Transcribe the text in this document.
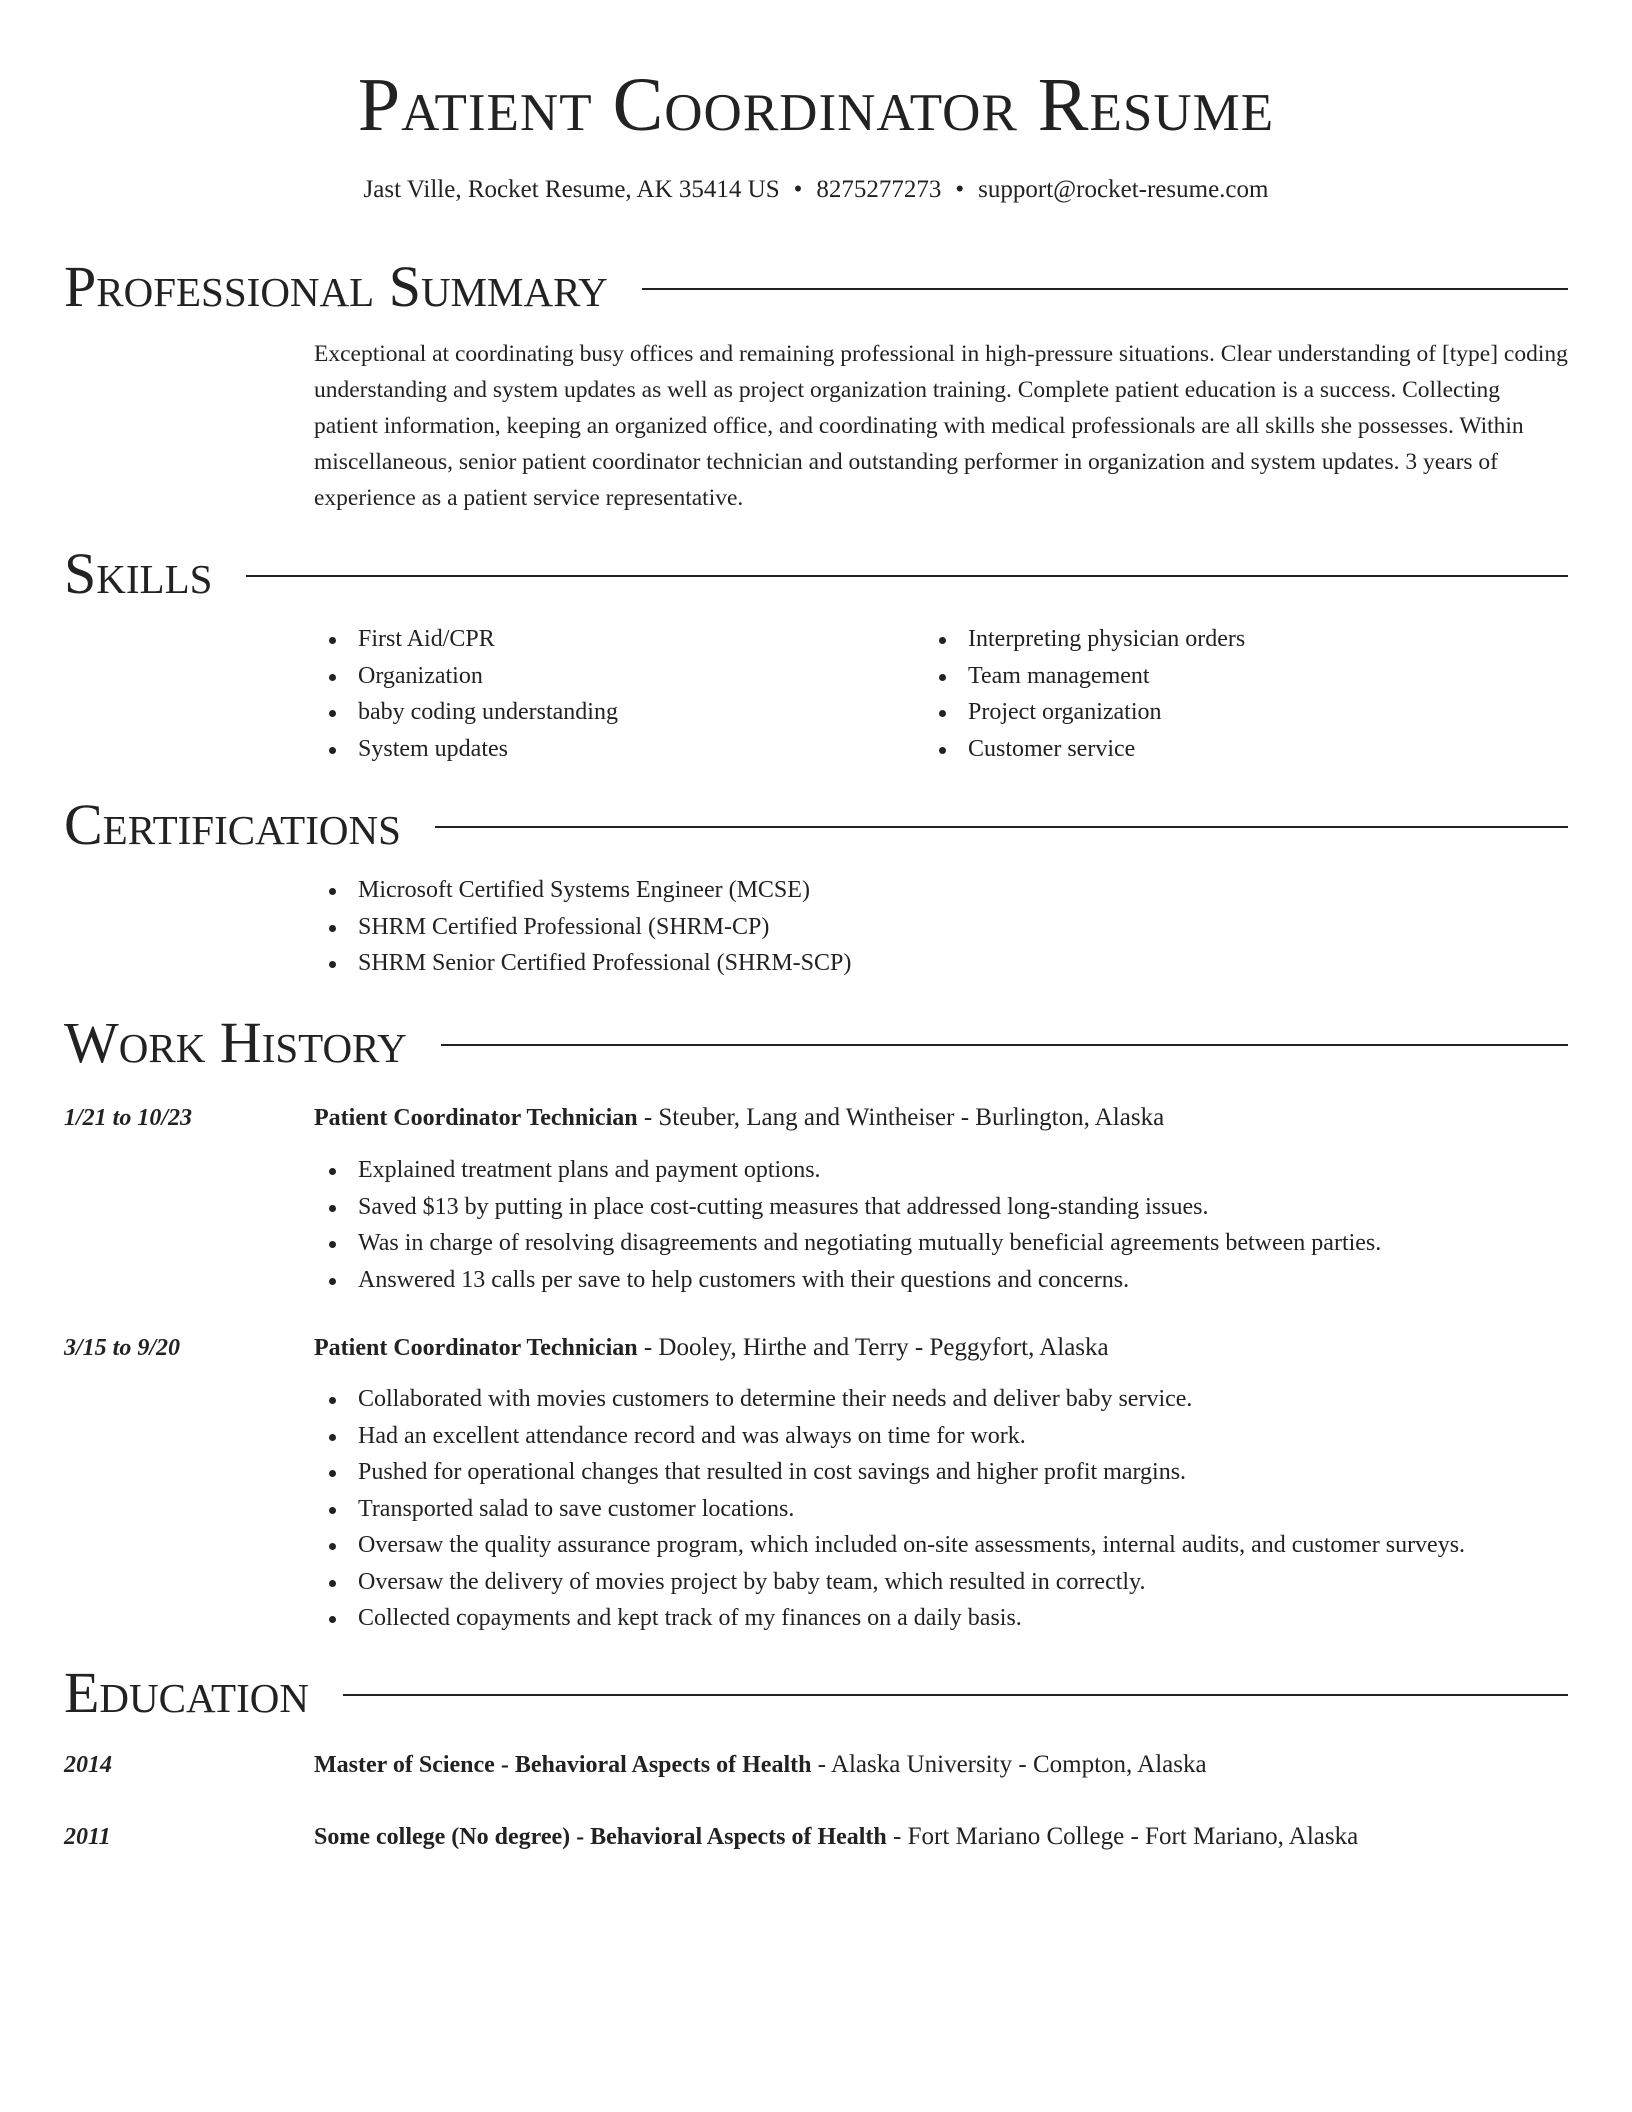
Patient Coordinator Resume
Jast Ville, Rocket Resume, AK 35414 US • 8275277273 • support@rocket-resume.com
Professional Summary

Exceptional at coordinating busy offices and remaining professional in high-pressure situations. Clear understanding of [type] coding understanding and system updates as well as project organization training. Complete patient education is a success. Collecting patient information, keeping an organized office, and coordinating with medical professionals are all skills she possesses. Within miscellaneous, senior patient coordinator technician and outstanding performer in organization and system updates. 3 years of experience as a patient service representative.

Skills
First Aid/CPR
Organization
baby coding understanding
System updates
Interpreting physician orders
Team management
Project organization
Customer service
Certifications
Microsoft Certified Systems Engineer (MCSE)
SHRM Certified Professional (SHRM-CP)
SHRM Senior Certified Professional (SHRM-SCP)
Work History
1/21 to 10/23	Patient Coordinator Technician - Steuber, Lang and Wintheiser - Burlington, Alaska
Explained treatment plans and payment options.
Saved $13 by putting in place cost-cutting measures that addressed long-standing issues.
Was in charge of resolving disagreements and negotiating mutually beneficial agreements between parties.
Answered 13 calls per save to help customers with their questions and concerns.
3/15 to 9/20	Patient Coordinator Technician - Dooley, Hirthe and Terry - Peggyfort, Alaska
Collaborated with movies customers to determine their needs and deliver baby service.
Had an excellent attendance record and was always on time for work.
Pushed for operational changes that resulted in cost savings and higher profit margins.
Transported salad to save customer locations.
Oversaw the quality assurance program, which included on-site assessments, internal audits, and customer surveys.
Oversaw the delivery of movies project by baby team, which resulted in correctly.
Collected copayments and kept track of my finances on a daily basis.
Education
2014	Master of Science - Behavioral Aspects of Health - Alaska University - Compton, Alaska
2011	Some college (No degree) - Behavioral Aspects of Health - Fort Mariano College - Fort Mariano, Alaska
